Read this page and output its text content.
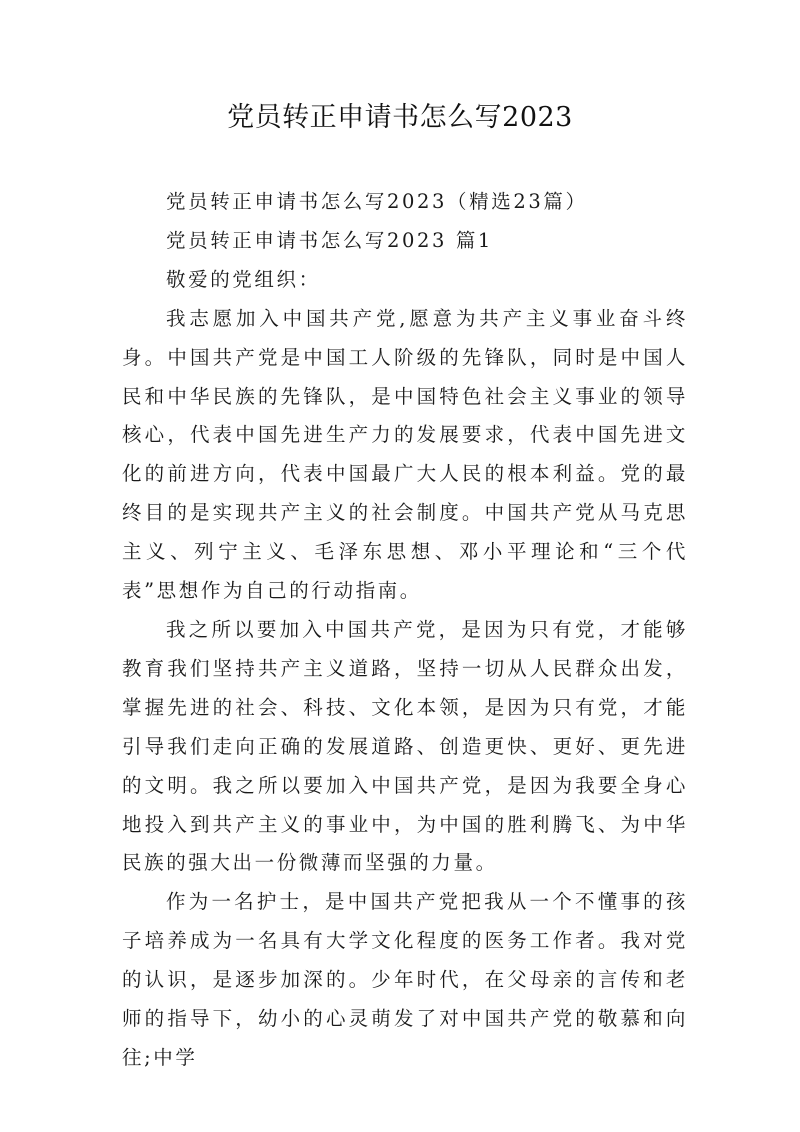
党员转正申请书怎么写2023

党员转正申请书怎么写2023（精选23篇）

党员转正申请书怎么写2023 篇1

敬爱的党组织：

我志愿加入中国共产党,愿意为共产主义事业奋斗终身。中国共产党是中国工人阶级的先锋队，同时是中国人民和中华民族的先锋队，是中国特色社会主义事业的领导核心，代表中国先进生产力的发展要求，代表中国先进文化的前进方向，代表中国最广大人民的根本利益。党的最终目的是实现共产主义的社会制度。中国共产党从马克思主义、列宁主义、毛泽东思想、邓小平理论和“三个代表”思想作为自己的行动指南。

我之所以要加入中国共产党，是因为只有党，才能够教育我们坚持共产主义道路，坚持一切从人民群众出发，掌握先进的社会、科技、文化本领，是因为只有党，才能引导我们走向正确的发展道路、创造更快、更好、更先进的文明。我之所以要加入中国共产党，是因为我要全身心地投入到共产主义的事业中，为中国的胜利腾飞、为中华民族的强大出一份微薄而坚强的力量。

作为一名护士，是中国共产党把我从一个不懂事的孩子培养成为一名具有大学文化程度的医务工作者。我对党的认识，是逐步加深的。少年时代，在父母亲的言传和老师的指导下，幼小的心灵萌发了对中国共产党的敬慕和向往;中学
